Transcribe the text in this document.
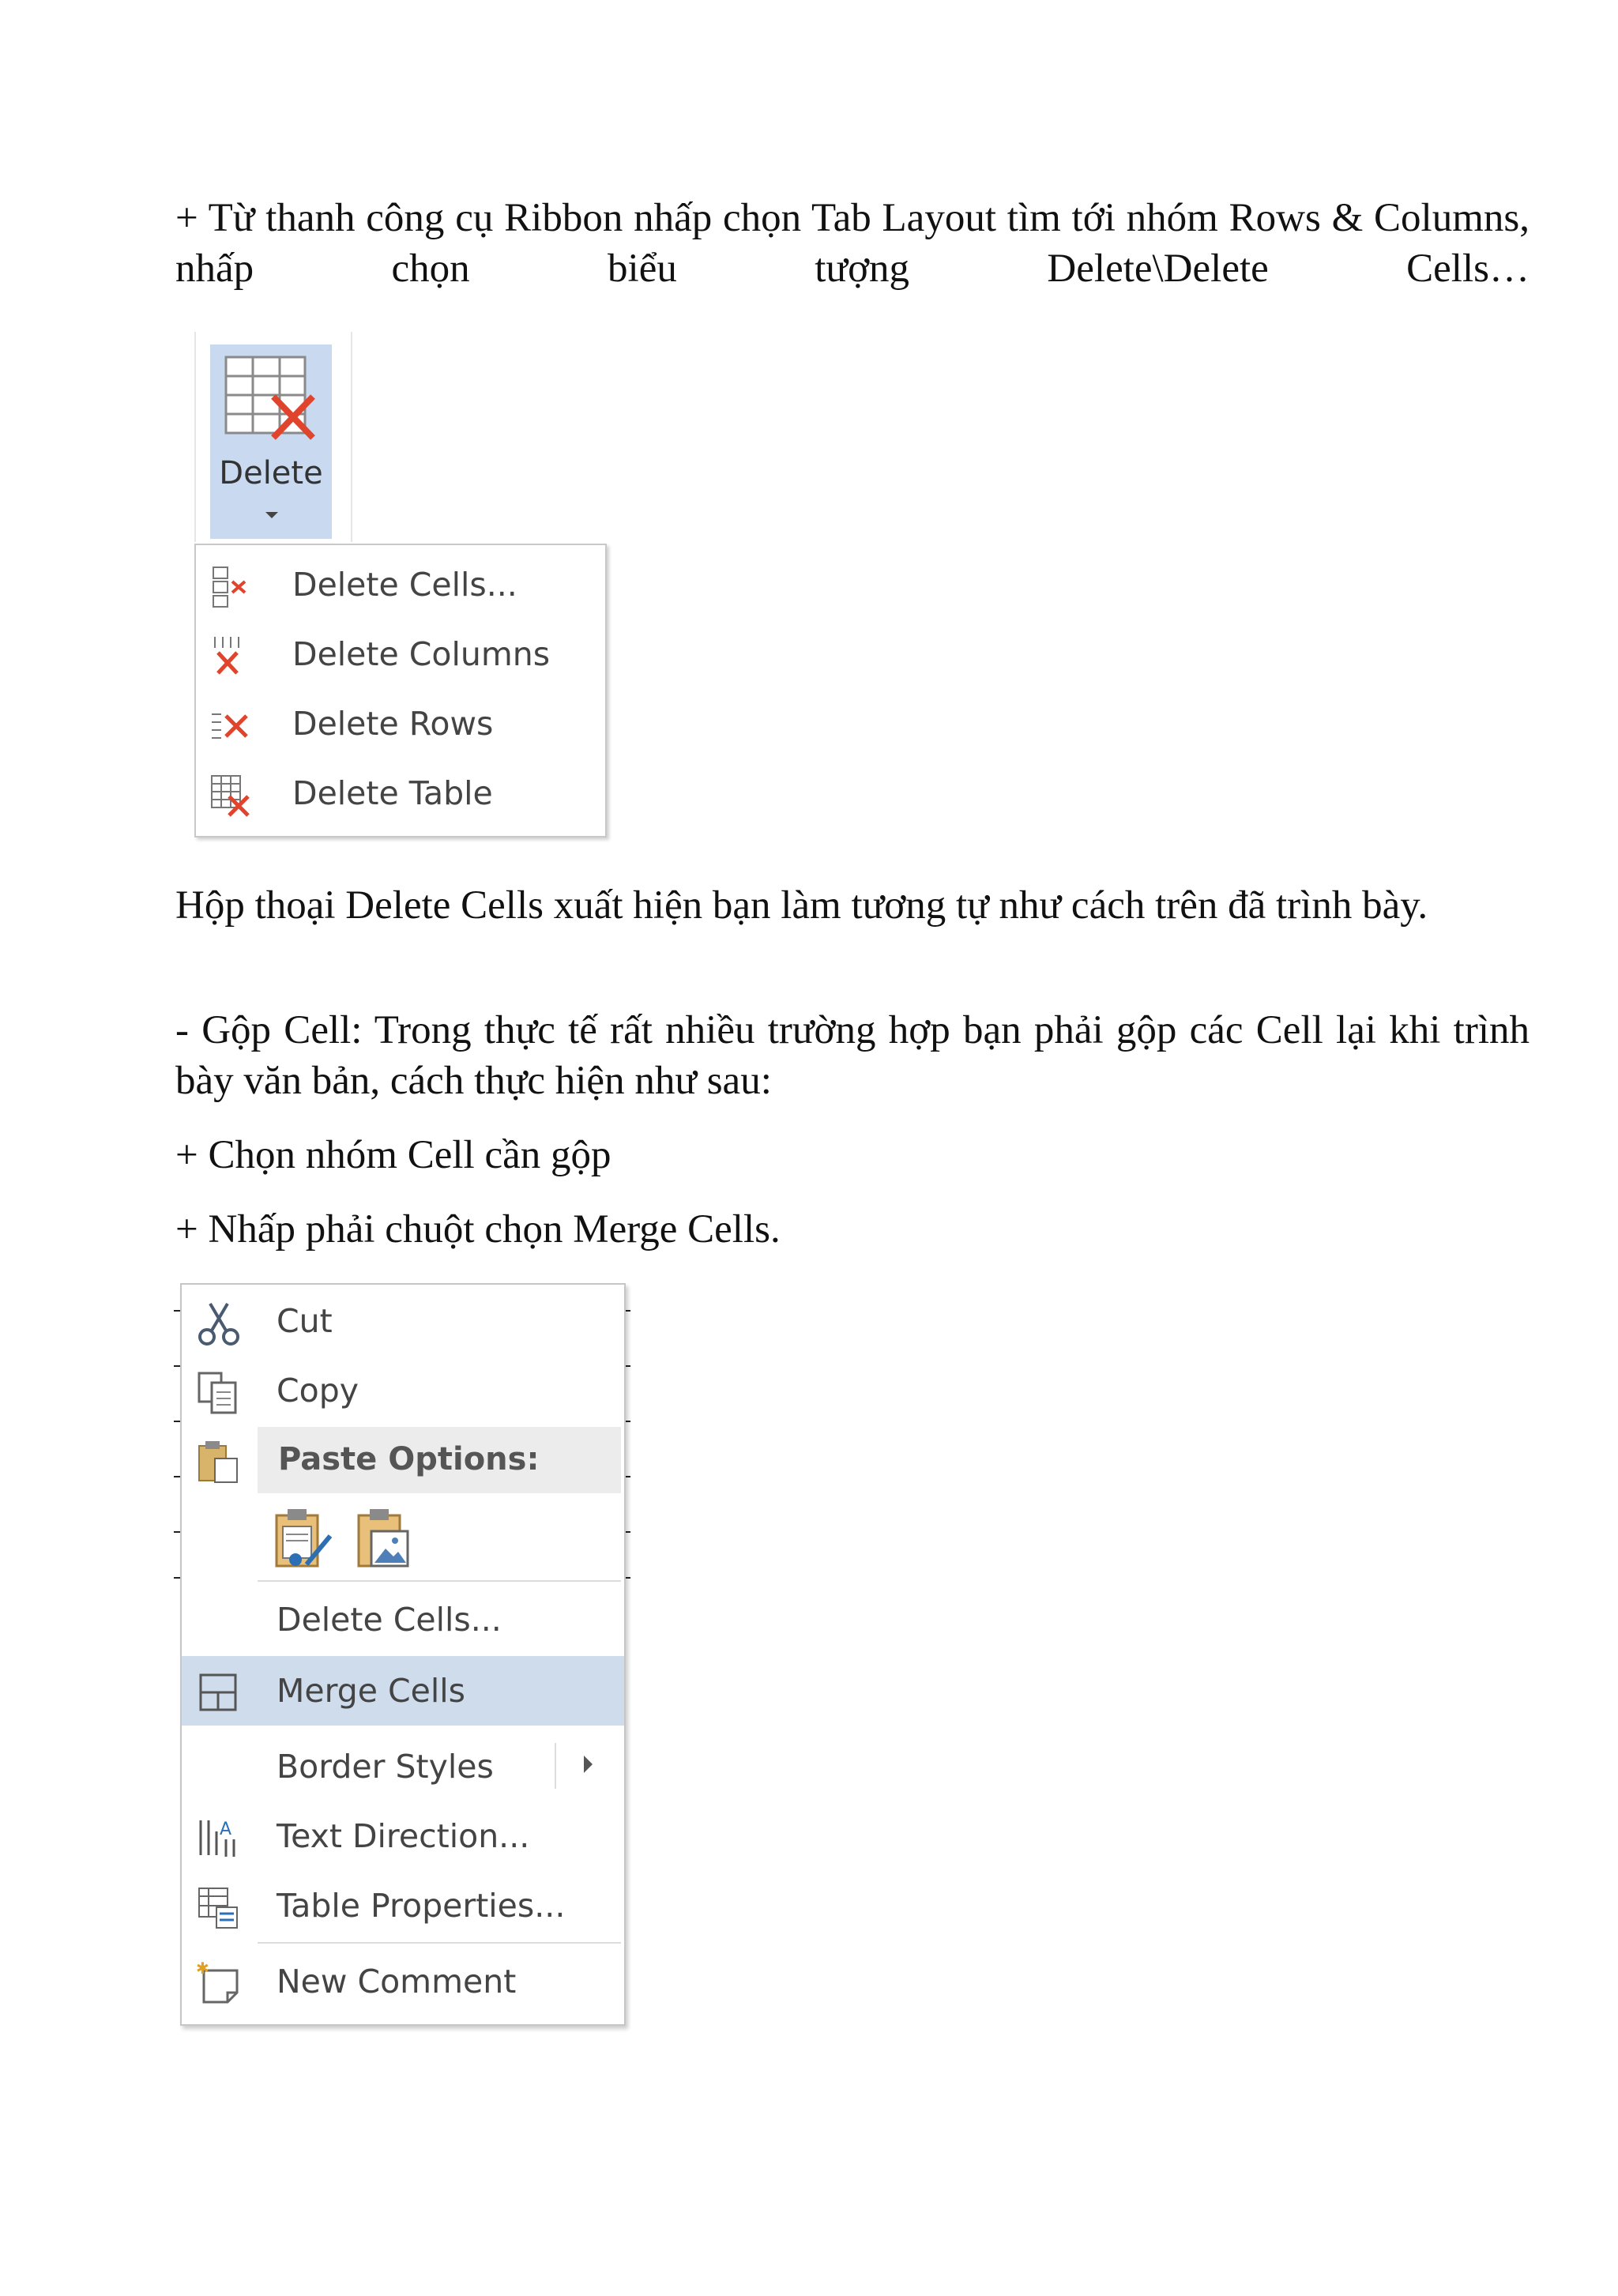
+ Từ thanh công cụ Ribbon nhấp chọn Tab Layout tìm tới nhóm Rows & Columns, nhấp chọn biểu tượng Delete\Delete Cells…

Delete
Delete Cells...
Delete Columns
Delete Rows
Delete Table

Hộp thoại Delete Cells xuất hiện bạn làm tương tự như cách trên đã trình bày.

- Gộp Cell: Trong thực tế rất nhiều trường hợp bạn phải gộp các Cell lại khi trình bày văn bản, cách thực hiện như sau:

+ Chọn nhóm Cell cần gộp

+ Nhấp phải chuột chọn Merge Cells.

Cut
Copy
Paste Options:
Delete Cells...
Merge Cells
Border Styles
A Text Direction...
Table Properties...
✱ New Comment
